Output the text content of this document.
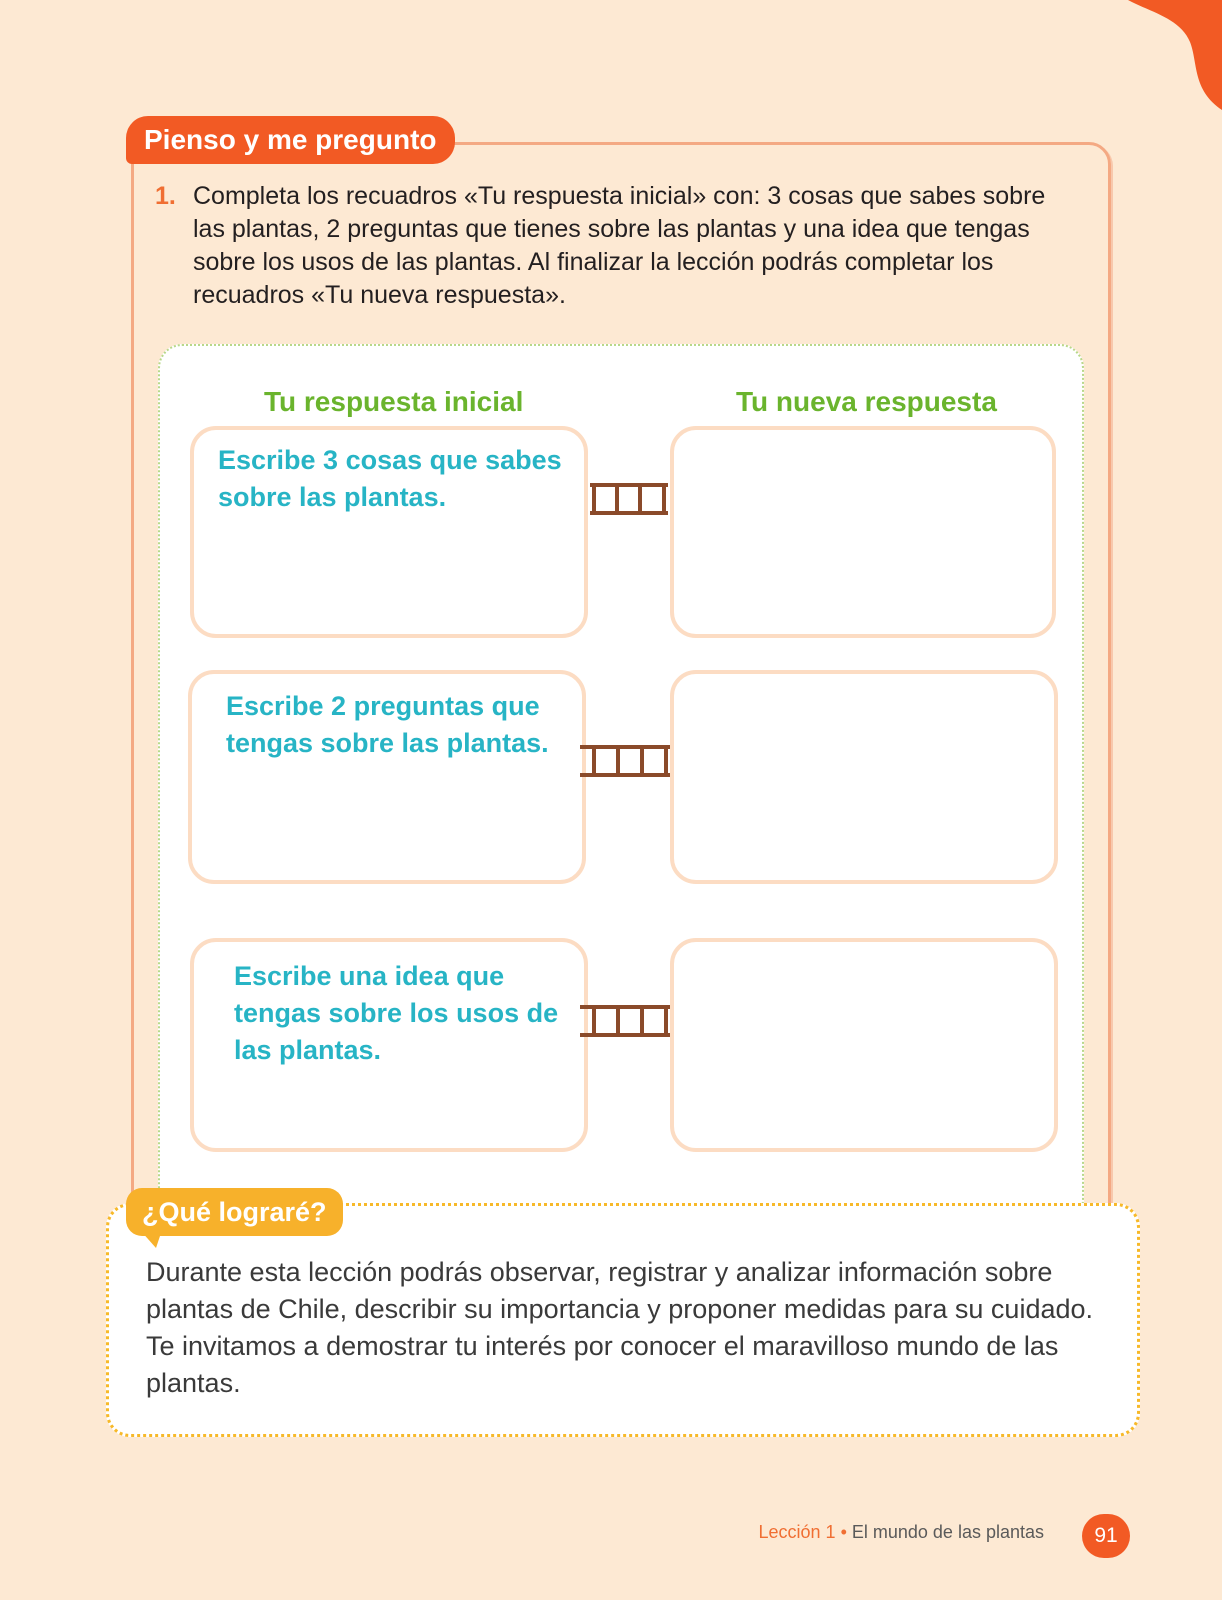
Pienso y me pregunto
1. Completa los recuadros «Tu respuesta inicial» con: 3 cosas que sabes sobre las plantas, 2 preguntas que tienes sobre las plantas y una idea que tengas sobre los usos de las plantas. Al finalizar la lección podrás completar los recuadros «Tu nueva respuesta».
Tu respuesta inicial	Tu nueva respuesta
Escribe 3 cosas que sabes sobre las plantas.
Escribe 2 preguntas que tengas sobre las plantas.
Escribe una idea que tengas sobre los usos de las plantas.
¿Qué lograré?
Durante esta lección podrás observar, registrar y analizar información sobre plantas de Chile, describir su importancia y proponer medidas para su cuidado. Te invitamos a demostrar tu interés por conocer el maravilloso mundo de las plantas.
Lección 1 • El mundo de las plantas	91
